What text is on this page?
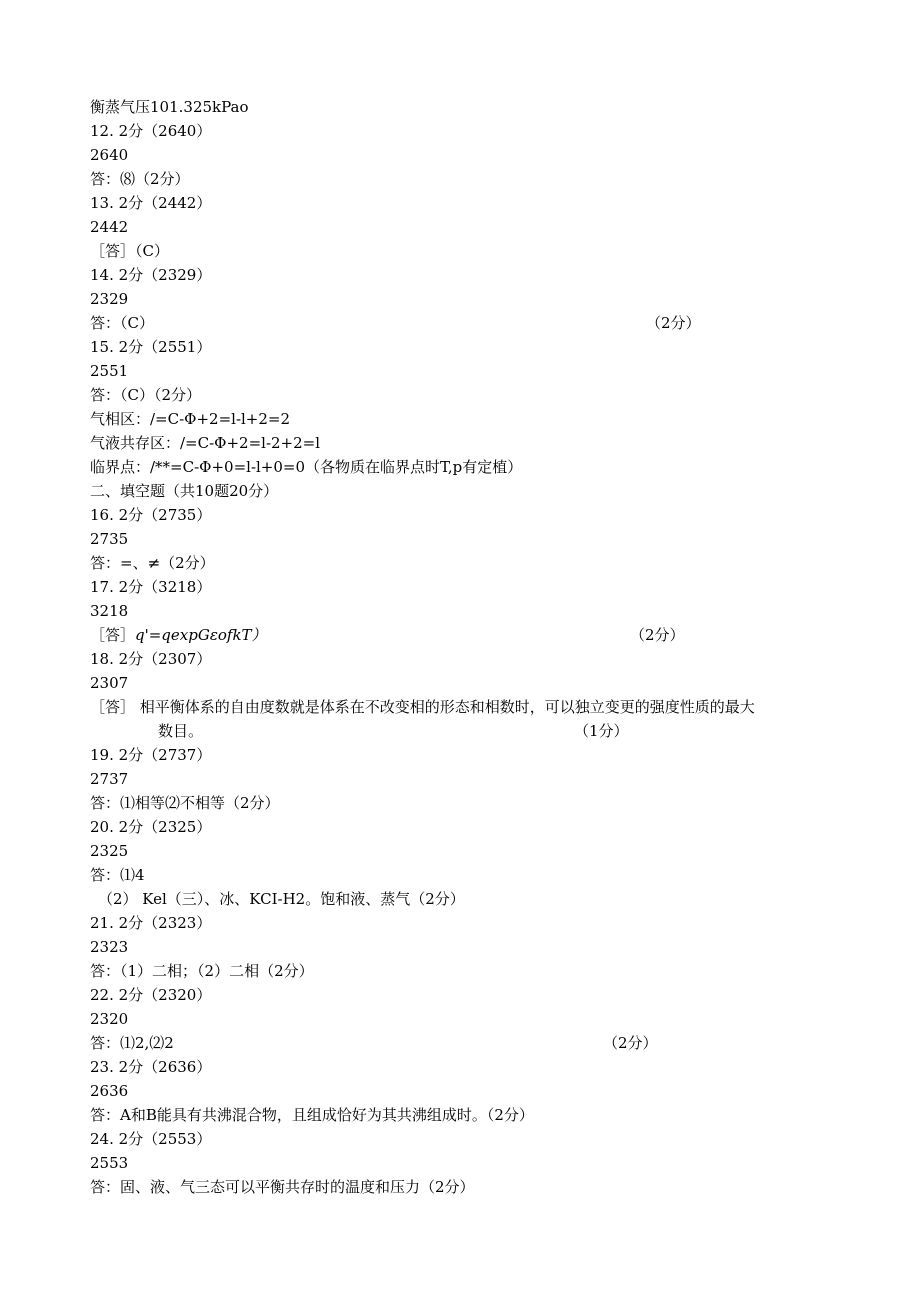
衡蒸气压101.325kPao
12. 2分（2640）
2640
答：⑻（2分）
13. 2分（2442）
2442
［答］（C）
14. 2分（2329）
2329
答：（C）	（2分）
15. 2分（2551）
2551
答：（C）（2分）
气相区：/=C-Φ+2=l-l+2=2
气液共存区：/=C-Φ+2=l-2+2=l
临界点：/**=C-Φ+0=l-l+0=0（各物质在临界点时T,p有定植）
二、填空题（共10题20分）
16. 2分（2735）
2735
答：=、≠（2分）
17. 2分（3218）
3218
［答］q'=qexpGεofkT）	（2分）
18. 2分（2307）
2307
［答］ 相平衡体系的自由度数就是体系在不改变相的形态和相数时，可以独立变更的强度性质的最大
数目。	（1分）
19. 2分（2737）
2737
答：⑴相等⑵不相等（2分）
20. 2分（2325）
2325
答：⑴4
（2） Kel（三）、冰、KCI-H2。饱和液、蒸气（2分）
21. 2分（2323）
2323
答：（1）二相；（2）二相（2分）
22. 2分（2320）
2320
答：⑴2,⑵2	（2分）
23. 2分（2636）
2636
答：A和B能具有共沸混合物，且组成恰好为其共沸组成时。（2分）
24. 2分（2553）
2553
答：固、液、气三态可以平衡共存时的温度和压力（2分）
